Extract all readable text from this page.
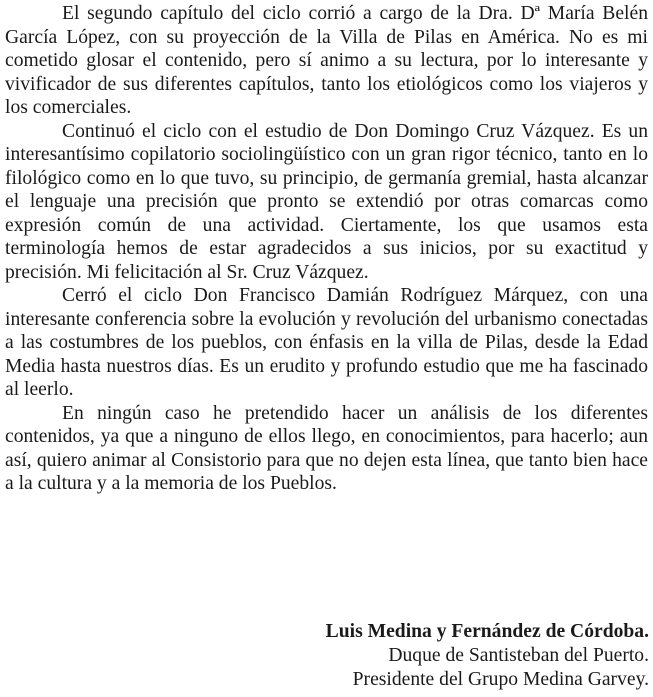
El segundo capítulo del ciclo corrió a cargo de la Dra. Dª María Belén García López, con su proyección de la Villa de Pilas en América. No es mi cometido glosar el contenido, pero sí animo a su lectura, por lo interesante y vivificador de sus diferentes capítulos, tanto los etiológicos como los viajeros y los comerciales.

Continuó el ciclo con el estudio de Don Domingo Cruz Vázquez. Es un interesantísimo copilatorio sociolingüístico con un gran rigor técnico, tanto en lo filológico como en lo que tuvo, su principio, de germanía gremial, hasta alcanzar el lenguaje una precisión que pronto se extendió por otras comarcas como expresión común de una actividad. Ciertamente, los que usamos esta terminología hemos de estar agradecidos a sus inicios, por su exactitud y precisión. Mi felicitación al Sr. Cruz Vázquez.

Cerró el ciclo Don Francisco Damián Rodríguez Márquez, con una interesante conferencia sobre la evolución y revolución del urbanismo conectadas a las costumbres de los pueblos, con énfasis en la villa de Pilas, desde la Edad Media hasta nuestros días. Es un erudito y profundo estudio que me ha fascinado al leerlo.

En ningún caso he pretendido hacer un análisis de los diferentes contenidos, ya que a ninguno de ellos llego, en conocimientos, para hacerlo; aun así, quiero animar al Consistorio para que no dejen esta línea, que tanto bien hace a la cultura y a la memoria de los Pueblos.

Luis Medina y Fernández de Córdoba.
Duque de Santisteban del Puerto.
Presidente del Grupo Medina Garvey.
